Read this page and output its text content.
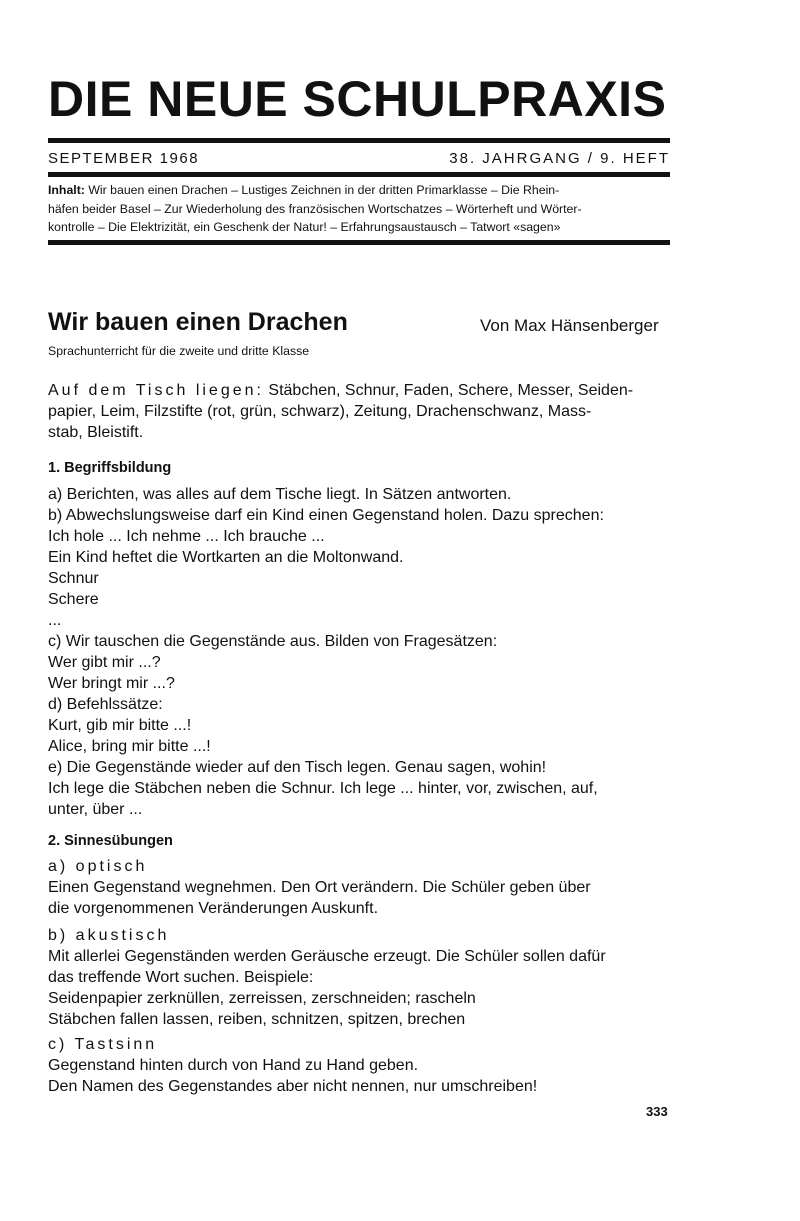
DIE NEUE SCHULPRAXIS
SEPTEMBER 1968	38. JAHRGANG / 9. HEFT
Inhalt: Wir bauen einen Drachen – Lustiges Zeichnen in der dritten Primarklasse – Die Rhein-
häfen beider Basel – Zur Wiederholung des französischen Wortschatzes – Wörterheft und Wörter-
kontrolle – Die Elektrizität, ein Geschenk der Natur! – Erfahrungsaustausch – Tatwort «sagen»
Wir bauen einen Drachen	Von Max Hänsenberger
Sprachunterricht für die zweite und dritte Klasse
Auf dem Tisch liegen: Stäbchen, Schnur, Faden, Schere, Messer, Seiden-
papier, Leim, Filzstifte (rot, grün, schwarz), Zeitung, Drachenschwanz, Mass-
stab, Bleistift.
1. Begriffsbildung
a) Berichten, was alles auf dem Tische liegt. In Sätzen antworten.
b) Abwechslungsweise darf ein Kind einen Gegenstand holen. Dazu sprechen:
Ich hole ... Ich nehme ... Ich brauche ...
Ein Kind heftet die Wortkarten an die Moltonwand.
Schnur
Schere
...
c) Wir tauschen die Gegenstände aus. Bilden von Fragesätzen:
Wer gibt mir ...?
Wer bringt mir ...?
d) Befehlssätze:
Kurt, gib mir bitte ...!
Alice, bring mir bitte ...!
e) Die Gegenstände wieder auf den Tisch legen. Genau sagen, wohin!
Ich lege die Stäbchen neben die Schnur. Ich lege ... hinter, vor, zwischen, auf,
unter, über ...
2. Sinnesübungen
a) optisch
Einen Gegenstand wegnehmen. Den Ort verändern. Die Schüler geben über
die vorgenommenen Veränderungen Auskunft.
b) akustisch
Mit allerlei Gegenständen werden Geräusche erzeugt. Die Schüler sollen dafür
das treffende Wort suchen. Beispiele:
Seidenpapier zerknüllen, zerreissen, zerschneiden; rascheln
Stäbchen fallen lassen, reiben, schnitzen, spitzen, brechen
c) Tastsinn
Gegenstand hinten durch von Hand zu Hand geben.
Den Namen des Gegenstandes aber nicht nennen, nur umschreiben!
333
